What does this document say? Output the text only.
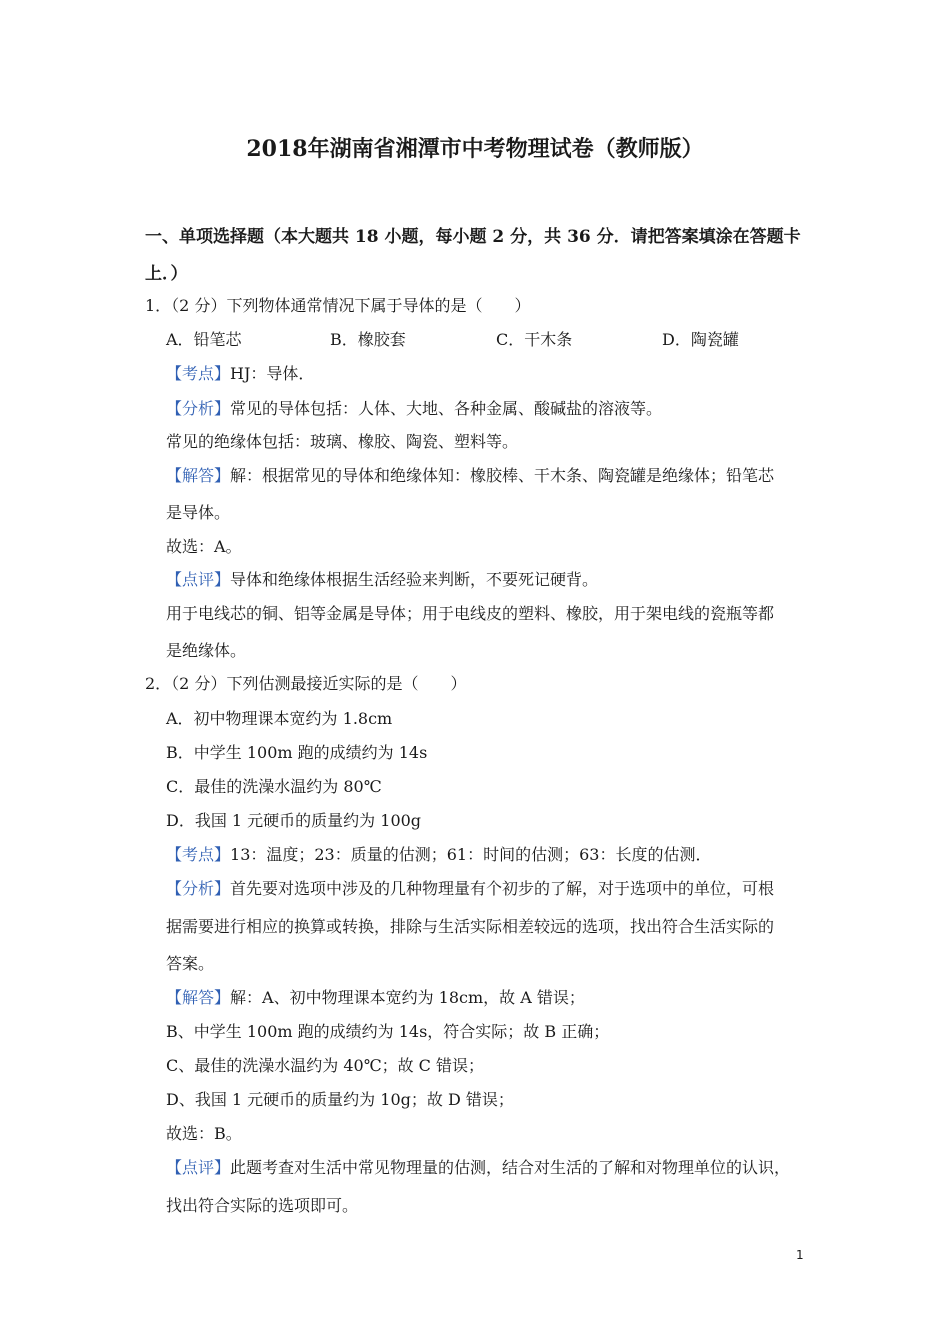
2018年湖南省湘潭市中考物理试卷（教师版）
一、单项选择题（本大题共 18 小题，每小题 2 分，共 36 分．请把答案填涂在答题卡
上．）
1．（2 分）下列物体通常情况下属于导体的是（　　）
A．铅笔芯	B．橡胶套	C．干木条	D．陶瓷罐
【考点】HJ：导体．
【分析】常见的导体包括：人体、大地、各种金属、酸碱盐的溶液等。
常见的绝缘体包括：玻璃、橡胶、陶瓷、塑料等。
【解答】解：根据常见的导体和绝缘体知：橡胶棒、干木条、陶瓷罐是绝缘体；铅笔芯
是导体。
故选：A。
【点评】导体和绝缘体根据生活经验来判断，不要死记硬背。
用于电线芯的铜、铝等金属是导体；用于电线皮的塑料、橡胶，用于架电线的瓷瓶等都
是绝缘体。
2．（2 分）下列估测最接近实际的是（　　）
A．初中物理课本宽约为 1.8cm
B．中学生 100m 跑的成绩约为 14s
C．最佳的洗澡水温约为 80℃
D．我国 1 元硬币的质量约为 100g
【考点】13：温度；23：质量的估测；61：时间的估测；63：长度的估测．
【分析】首先要对选项中涉及的几种物理量有个初步的了解，对于选项中的单位，可根
据需要进行相应的换算或转换，排除与生活实际相差较远的选项，找出符合生活实际的
答案。
【解答】解：A、初中物理课本宽约为 18cm，故 A 错误；
B、中学生 100m 跑的成绩约为 14s，符合实际；故 B 正确；
C、最佳的洗澡水温约为 40℃；故 C 错误；
D、我国 1 元硬币的质量约为 10g；故 D 错误；
故选：B。
【点评】此题考查对生活中常见物理量的估测，结合对生活的了解和对物理单位的认识，
找出符合实际的选项即可。
1
